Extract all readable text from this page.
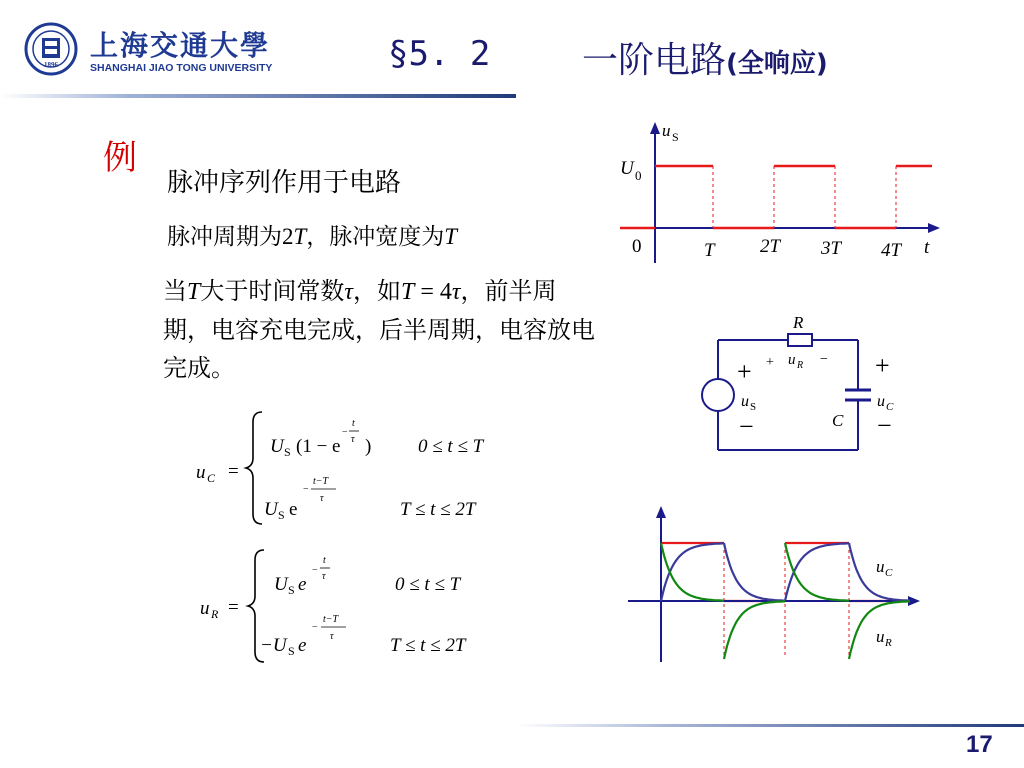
1896
上海交通大學
SHANGHAI JIAO TONG UNIVERSITY	§5. 2	一阶电路(全响应)
例
脉冲序列作用于电路
脉冲周期为2T，脉冲宽度为T
当T大于时间常数τ，如T = 4τ，前半周期，电容充电完成，后半周期，电容放电完成。
u S
U 0
0	t
T 2T 3T 4T
R
C
+
−
u S
+	−
u R	+
−
u C
u C =
U S (1 − e )
−
t
τ	0 ≤ t ≤ T
U S e
−
t−T
τ
T ≤ t ≤ 2T
u R =
U S e
−
t
τ	0 ≤ t ≤ T
−U S e
−
t−T
τ	T ≤ t ≤ 2T
u C
u R
17
